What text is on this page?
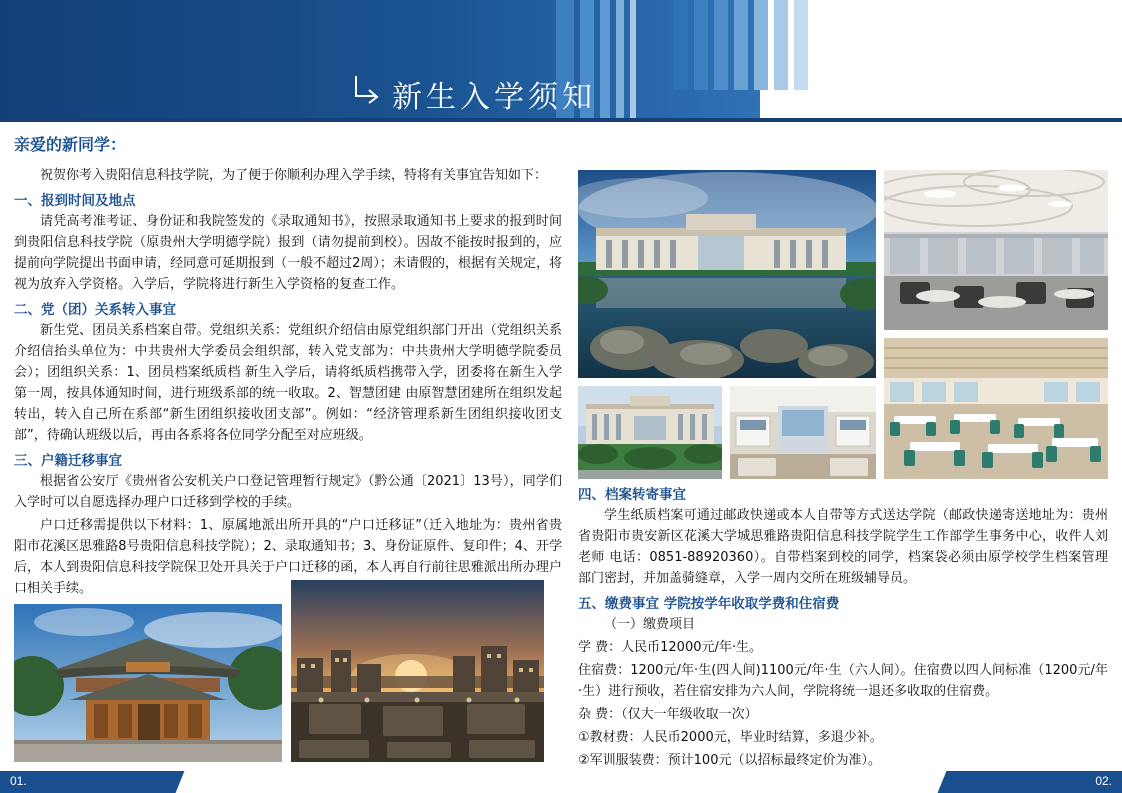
新生入学须知
亲爱的新同学：

祝贺你考入贵阳信息科技学院，为了便于你顺利办理入学手续，特将有关事宜告知如下：

一、报到时间及地点

请凭高考准考证、身份证和我院签发的《录取通知书》，按照录取通知书上要求的报到时间到贵阳信息科技学院（原贵州大学明德学院）报到（请勿提前到校）。因故不能按时报到的，应提前向学院提出书面申请，经同意可延期报到（一般不超过2周）；未请假的，根据有关规定，将视为放弃入学资格。入学后，学院将进行新生入学资格的复查工作。

二、党（团）关系转入事宜

新生党、团员关系档案自带。党组织关系：党组织介绍信由原党组织部门开出（党组织关系介绍信抬头单位为：中共贵州大学委员会组织部，转入党支部为：中共贵州大学明德学院委员会）；团组织关系：1、团员档案纸质档 新生入学后，请将纸质档携带入学，团委将在新生入学第一周，按具体通知时间，进行班级系部的统一收取。2、智慧团建 由原智慧团建所在组织发起转出，转入自己所在系部“新生团组织接收团支部”。例如：“经济管理系新生团组织接收团支部”，待确认班级以后，再由各系将各位同学分配至对应班级。

三、户籍迁移事宜

根据省公安厅《贵州省公安机关户口登记管理暂行规定》（黔公通〔2021〕13号），同学们入学时可以自愿选择办理户口迁移到学校的手续。

户口迁移需提供以下材料：1、原属地派出所开具的“户口迁移证”（迁入地址为：贵州省贵阳市花溪区思雅路8号贵阳信息科技学院）；2、录取通知书；3、身份证原件、复印件；4、开学后，本人到贵阳信息科技学院保卫处开具关于户口迁移的函，本人再自行前往思雅派出所办理户口相关手续。

四、档案转寄事宜

学生纸质档案可通过邮政快递或本人自带等方式送达学院（邮政快递寄送地址为：贵州省贵阳市贵安新区花溪大学城思雅路贵阳信息科技学院学生工作部学生事务中心，收件人刘老师 电话：0851-88920360）。自带档案到校的同学，档案袋必须由原学校学生档案管理部门密封，并加盖骑缝章，入学一周内交所在班级辅导员。

五、缴费事宜 学院按学年收取学费和住宿费

（一）缴费项目

学 费：人民币12000元/年·生。

住宿费：1200元/年·生(四人间)1100元/年·生（六人间）。住宿费以四人间标准（1200元/年·生）进行预收，若住宿安排为六人间，学院将统一退还多收取的住宿费。

杂 费：（仅大一年级收取一次）

①教材费：人民币2000元，毕业时结算，多退少补。

②军训服装费：预计100元（以招标最终定价为准）。

01.	02.
